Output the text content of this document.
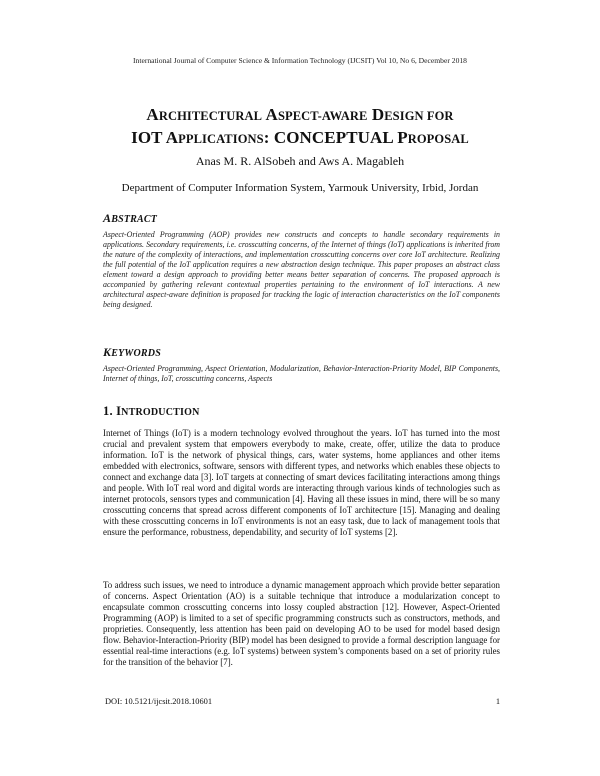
International Journal of Computer Science & Information Technology (IJCSIT) Vol 10, No 6, December 2018
ARCHITECTURAL ASPECT-AWARE DESIGN FOR
IOT APPLICATIONS: CONCEPTUAL PROPOSAL
Anas M. R. AlSobeh and Aws A. Magableh
Department of Computer Information System, Yarmouk University, Irbid, Jordan
ABSTRACT
Aspect-Oriented Programming (AOP) provides new constructs and concepts to handle secondary requirements in applications. Secondary requirements, i.e. crosscutting concerns, of the Internet of things (IoT) applications is inherited from the nature of the complexity of interactions, and implementation crosscutting concerns over core IoT architecture. Realizing the full potential of the IoT application requires a new abstraction design technique. This paper proposes an abstract class element toward a design approach to providing better means better separation of concerns. The proposed approach is accompanied by gathering relevant contextual properties pertaining to the environment of IoT interactions. A new architectural aspect-aware definition is proposed for tracking the logic of interaction characteristics on the IoT components being designed.
KEYWORDS
Aspect-Oriented Programming, Aspect Orientation, Modularization, Behavior-Interaction-Priority Model, BIP Components, Internet of things, IoT, crosscutting concerns, Aspects
1. INTRODUCTION
Internet of Things (IoT) is a modern technology evolved throughout the years. IoT has turned into the most crucial and prevalent system that empowers everybody to make, create, offer, utilize the data to produce information. IoT is the network of physical things, cars, water systems, home appliances and other items embedded with electronics, software, sensors with different types, and networks which enables these objects to connect and exchange data [3]. IoT targets at connecting of smart devices facilitating interactions among things and people. With IoT real word and digital words are interacting through various kinds of technologies such as internet protocols, sensors types and communication [4]. Having all these issues in mind, there will be so many crosscutting concerns that spread across different components of IoT architecture [15]. Managing and dealing with these crosscutting concerns in IoT environments is not an easy task, due to lack of management tools that ensure the performance, robustness, dependability, and security of IoT systems [2].
To address such issues, we need to introduce a dynamic management approach which provide better separation of concerns. Aspect Orientation (AO) is a suitable technique that introduce a modularization concept to encapsulate common crosscutting concerns into lossy coupled abstraction [12]. However, Aspect-Oriented Programming (AOP) is limited to a set of specific programming constructs such as constructors, methods, and proprieties. Consequently, less attention has been paid on developing AO to be used for model based design flow. Behavior-Interaction-Priority (BIP) model has been designed to provide a formal description language for essential real-time interactions (e.g. IoT systems) between system’s components based on a set of priority rules for the transition of the behavior [7].
DOI: 10.5121/ijcsit.2018.10601	1
